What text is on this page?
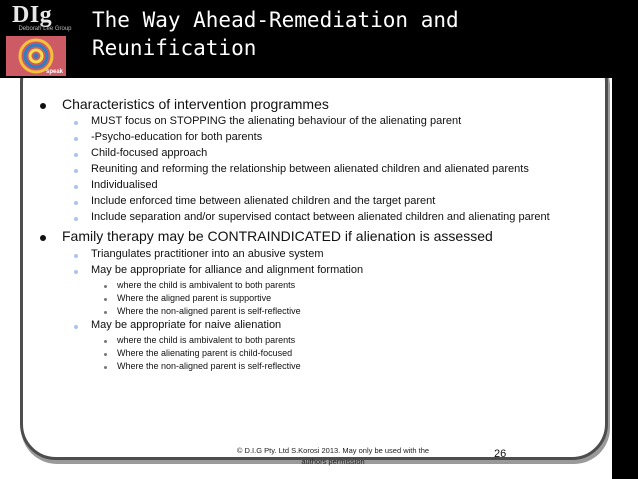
DIg
Deborah Lee Group
speak
The Way Ahead-Remediation and
Reunification
Characteristics of intervention programmes
MUST focus on STOPPING the alienating behaviour of the alienating parent
-Psycho-education for both parents
Child-focused approach
Reuniting and reforming the relationship between alienated children and alienated parents
Individualised
Include enforced time between alienated children and the target parent
Include separation and/or supervised contact between alienated children and alienating parent
Family therapy may be CONTRAINDICATED if alienation is assessed
Triangulates practitioner into an abusive system
May be appropriate for alliance and alignment formation
where the child is ambivalent to both parents
Where the aligned parent is supportive
Where the non-aligned parent is self-reflective
May be appropriate for naive alienation
where the child is ambivalent to both parents
Where the alienating parent is child-focused
Where the non-aligned parent is self-reflective
© D.I.G Pty. Ltd S.Korosi 2013. May only be used with the
authors permission
26
